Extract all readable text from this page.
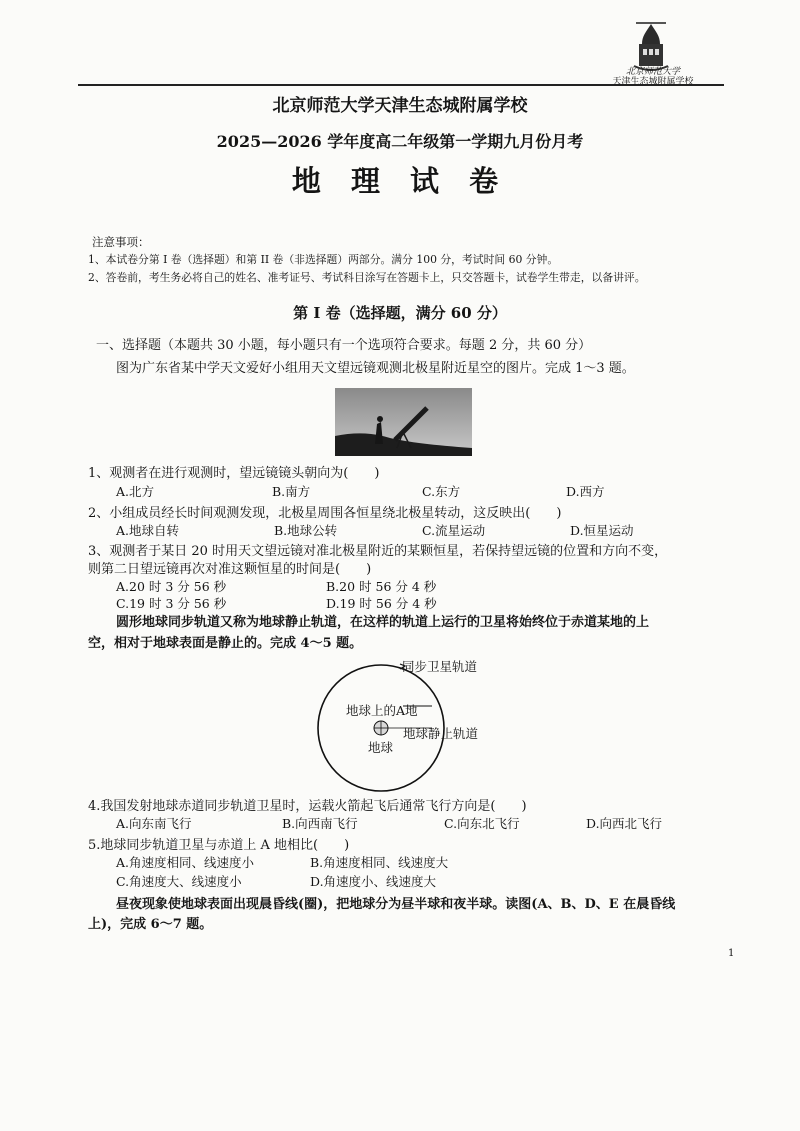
北京师范大学
天津生态城附属学校
北京师范大学天津生态城附属学校
2025—2026 学年度高二年级第一学期九月份月考
地 理 试 卷
注意事项：
1、本试卷分第 I 卷（选择题）和第 II 卷（非选择题）两部分。满分 100 分，考试时间 60 分钟。
2、答卷前，考生务必将自己的姓名、准考证号、考试科目涂写在答题卡上，只交答题卡，试卷学生带走，以备讲评。
第 I 卷（选择题，满分 60 分）
一、选择题（本题共 30 小题，每小题只有一个选项符合要求。每题 2 分，共 60 分）
图为广东省某中学天文爱好小组用天文望远镜观测北极星附近星空的图片。完成 1～3 题。
1、观测者在进行观测时，望远镜镜头朝向为(　　)
A.北方	B.南方	C.东方	D.西方
2、小组成员经长时间观测发现，北极星周围各恒星绕北极星转动，这反映出(　　)
A.地球自转	B.地球公转	C.流星运动	D.恒星运动
3、观测者于某日 20 时用天文望远镜对准北极星附近的某颗恒星，若保持望远镜的位置和方向不变，
则第二日望远镜再次对准这颗恒星的时间是(　　)
A.20 时 3 分 56 秒	B.20 时 56 分 4 秒
C.19 时 3 分 56 秒	D.19 时 56 分 4 秒
圆形地球同步轨道又称为地球静止轨道，在这样的轨道上运行的卫星将始终位于赤道某地的上
空，相对于地球表面是静止的。完成 4～5 题。
同步卫星轨道
地球上的A地
地球
地球静止轨道
4.我国发射地球赤道同步轨道卫星时，运载火箭起飞后通常飞行方向是(　　)
A.向东南飞行	B.向西南飞行	C.向东北飞行	D.向西北飞行
5.地球同步轨道卫星与赤道上 A 地相比(　　)
A.角速度相同、线速度小	B.角速度相同、线速度大
C.角速度大、线速度小	D.角速度小、线速度大
昼夜现象使地球表面出现晨昏线(圈)，把地球分为昼半球和夜半球。读图(A、B、D、E 在晨昏线
上)，完成 6～7 题。
1
